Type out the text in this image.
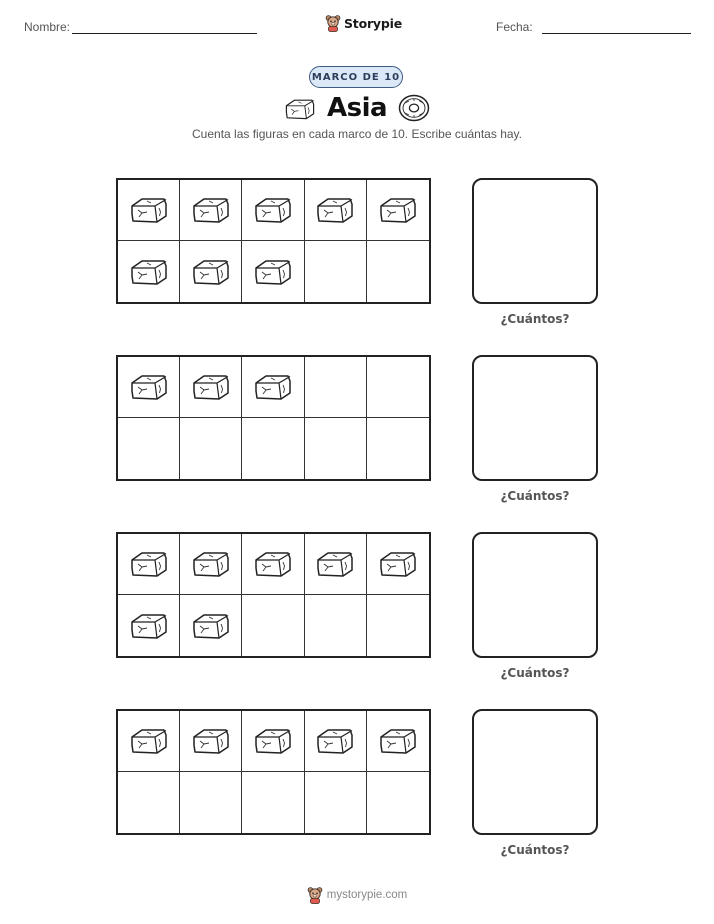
Nombre:	Storypie	Fecha:
MARCO DE 10
Asia
Cuenta las figuras en cada marco de 10. Escribe cuántas hay.
¿Cuántos?
¿Cuántos?
¿Cuántos?
¿Cuántos?
mystorypie.com
